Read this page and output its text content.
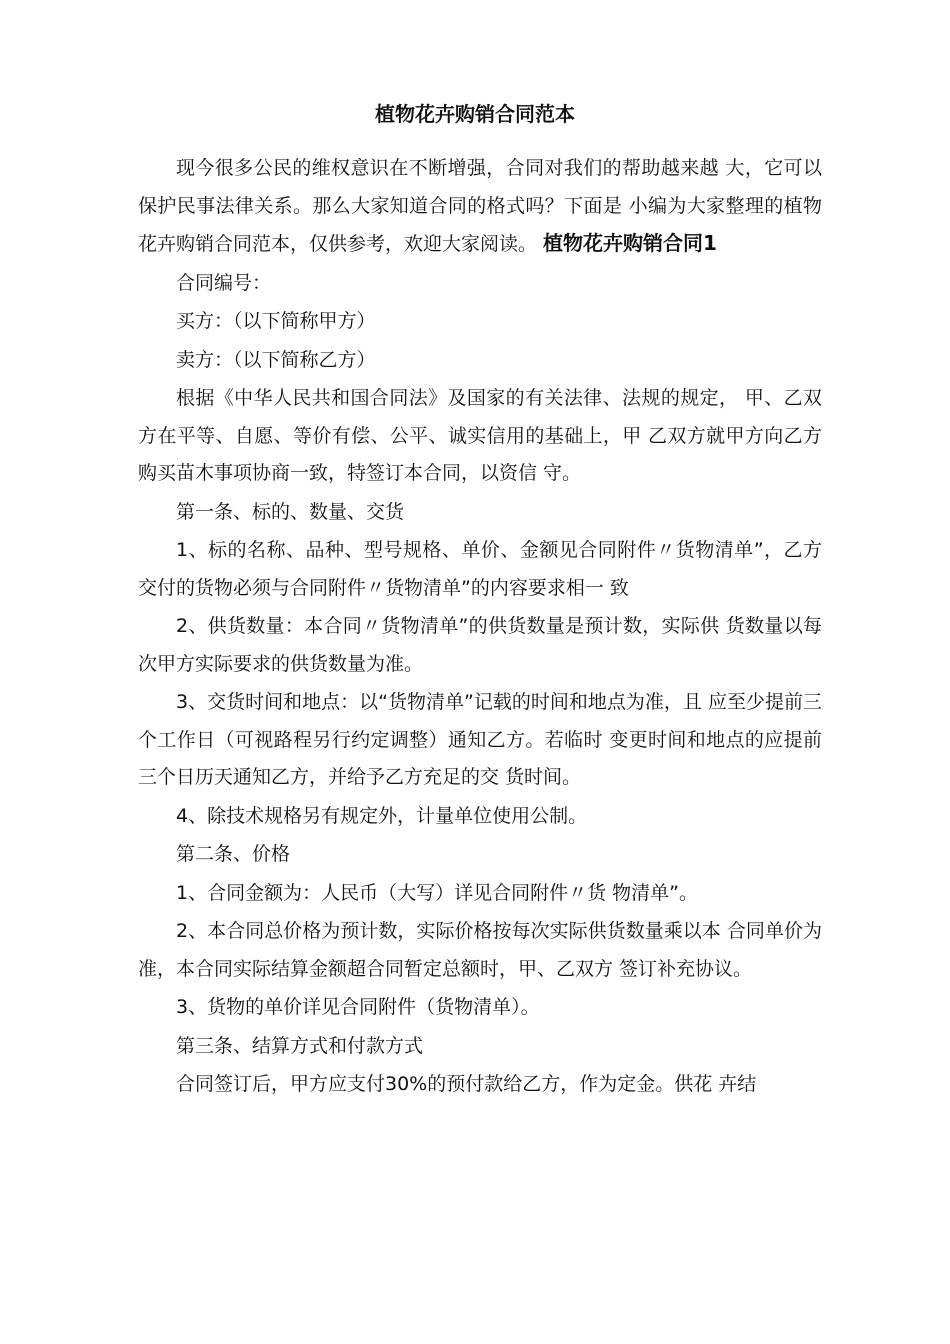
植物花卉购销合同范本

现今很多公民的维权意识在不断增强，合同对我们的帮助越来越 大，它可以保护民事法律关系。那么大家知道合同的格式吗？下面是 小编为大家整理的植物花卉购销合同范本，仅供参考，欢迎大家阅读。 植物花卉购销合同1

合同编号：

买方：（以下简称甲方）

卖方：（以下简称乙方）

根据《中华人民共和国合同法》及国家的有关法律、法规的规定， 甲、乙双方在平等、自愿、等价有偿、公平、诚实信用的基础上，甲 乙双方就甲方向乙方购买苗木事项协商一致，特签订本合同，以资信 守。

第一条、标的、数量、交货

1、标的名称、品种、型号规格、单价、金额见合同附件〃货物清单”，乙方交付的货物必须与合同附件〃货物清单”的内容要求相一 致

2、供货数量：本合同〃货物清单”的供货数量是预计数，实际供 货数量以每次甲方实际要求的供货数量为准。

3、交货时间和地点：以“货物清单”记载的时间和地点为准，且 应至少提前三个工作日（可视路程另行约定调整）通知乙方。若临时 变更时间和地点的应提前三个日历天通知乙方，并给予乙方充足的交 货时间。

4、除技术规格另有规定外，计量单位使用公制。

第二条、价格

1、合同金额为：人民币（大写）详见合同附件〃货 物清单”。

2、本合同总价格为预计数，实际价格按每次实际供货数量乘以本 合同单价为准，本合同实际结算金额超合同暂定总额时，甲、乙双方 签订补充协议。

3、货物的单价详见合同附件（货物清单）。

第三条、结算方式和付款方式

合同签订后，甲方应支付30%的预付款给乙方，作为定金。供花 卉结
